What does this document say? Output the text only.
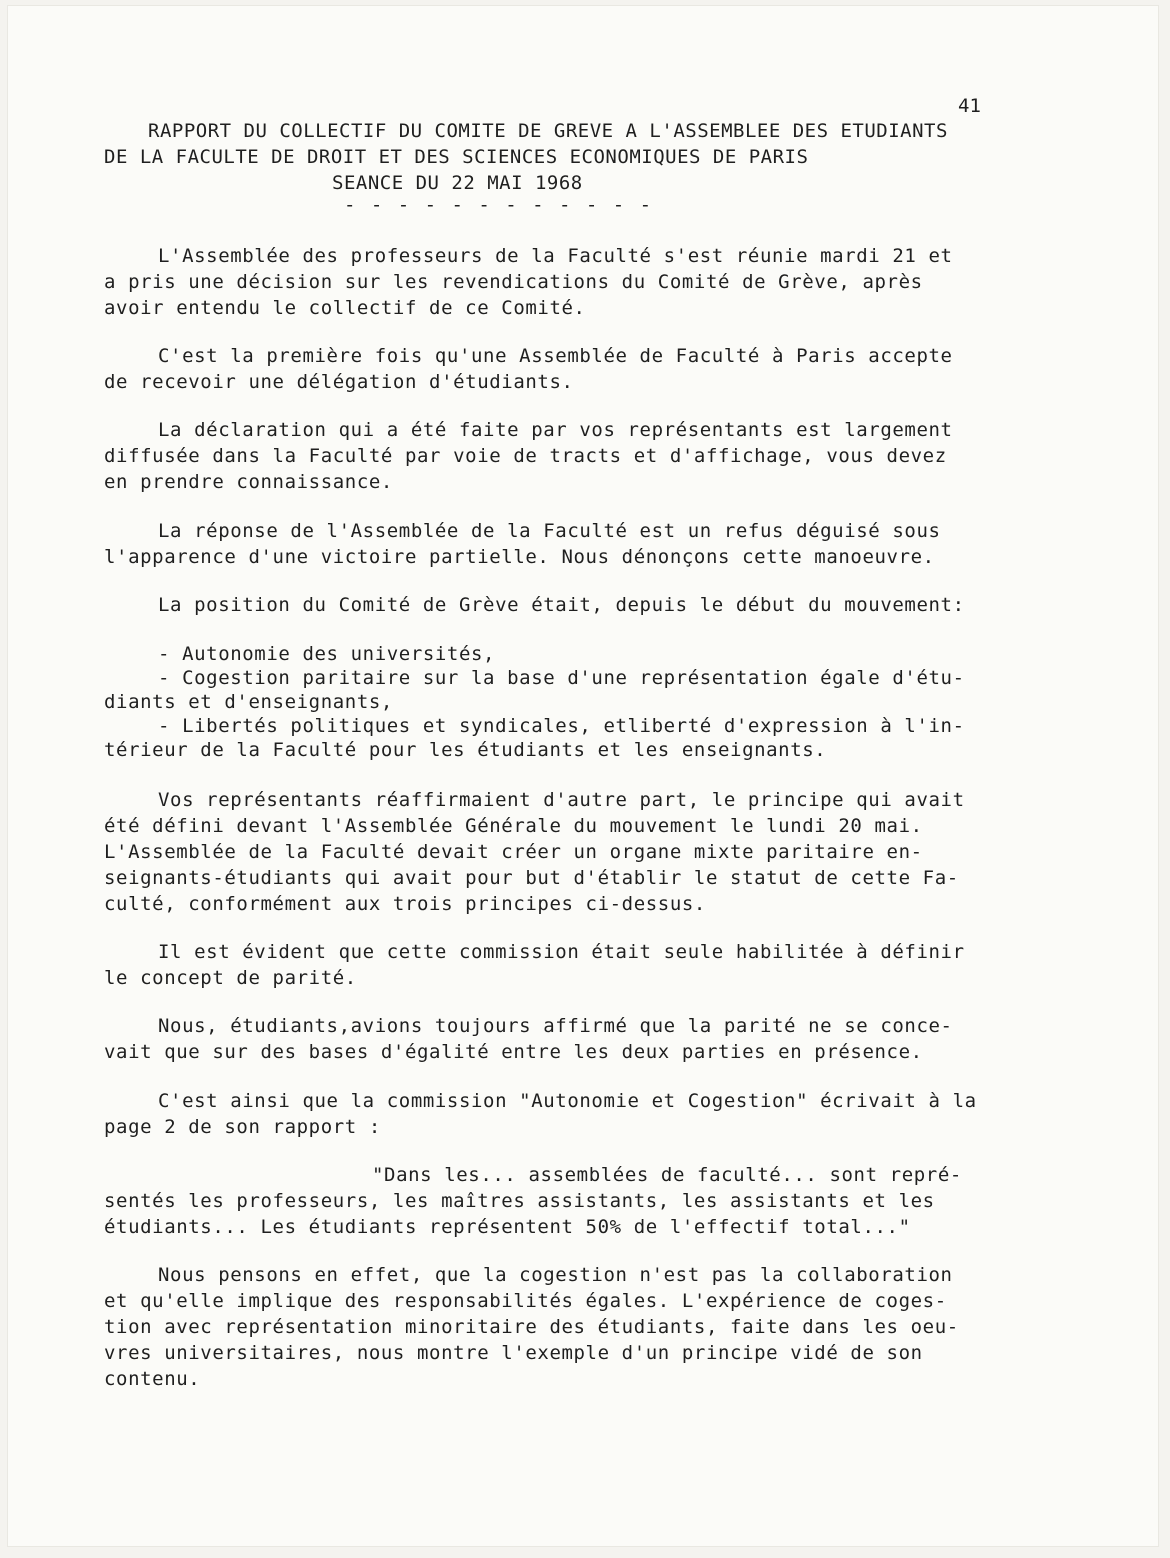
41
RAPPORT DU COLLECTIF DU COMITE DE GREVE A L'ASSEMBLEE DES ETUDIANTS
DE LA FACULTE DE DROIT ET DES SCIENCES ECONOMIQUES DE PARIS
SEANCE DU 22 MAI 1968
- - - - - - - - - - - -
L'Assemblée des professeurs de la Faculté s'est réunie mardi 21 et
a pris une décision sur les revendications du Comité de Grève, après
avoir entendu le collectif de ce Comité.
C'est la première fois qu'une Assemblée de Faculté à Paris accepte
de recevoir une délégation d'étudiants.
La déclaration qui a été faite par vos représentants est largement
diffusée dans la Faculté par voie de tracts et d'affichage, vous devez
en prendre connaissance.
La réponse de l'Assemblée de la Faculté est un refus déguisé sous
l'apparence d'une victoire partielle. Nous dénonçons cette manoeuvre.
La position du Comité de Grève était, depuis le début du mouvement:
- Autonomie des universités,
- Cogestion paritaire sur la base d'une représentation égale d'étu-
diants et d'enseignants,
- Libertés politiques et syndicales, etliberté d'expression à l'in-
térieur de la Faculté pour les étudiants et les enseignants.
Vos représentants réaffirmaient d'autre part, le principe qui avait
été défini devant l'Assemblée Générale du mouvement le lundi 20 mai.
L'Assemblée de la Faculté devait créer un organe mixte paritaire en-
seignants-étudiants qui avait pour but d'établir le statut de cette Fa-
culté, conformément aux trois principes ci-dessus.
Il est évident que cette commission était seule habilitée à définir
le concept de parité.
Nous, étudiants,avions toujours affirmé que la parité ne se conce-
vait que sur des bases d'égalité entre les deux parties en présence.
C'est ainsi que la commission "Autonomie et Cogestion" écrivait à la
page 2 de son rapport :
"Dans les... assemblées de faculté... sont repré-
sentés les professeurs, les maîtres assistants, les assistants et les
étudiants... Les étudiants représentent 50% de l'effectif total..."
Nous pensons en effet, que la cogestion n'est pas la collaboration
et qu'elle implique des responsabilités égales. L'expérience de coges-
tion avec représentation minoritaire des étudiants, faite dans les oeu-
vres universitaires, nous montre l'exemple d'un principe vidé de son
contenu.
